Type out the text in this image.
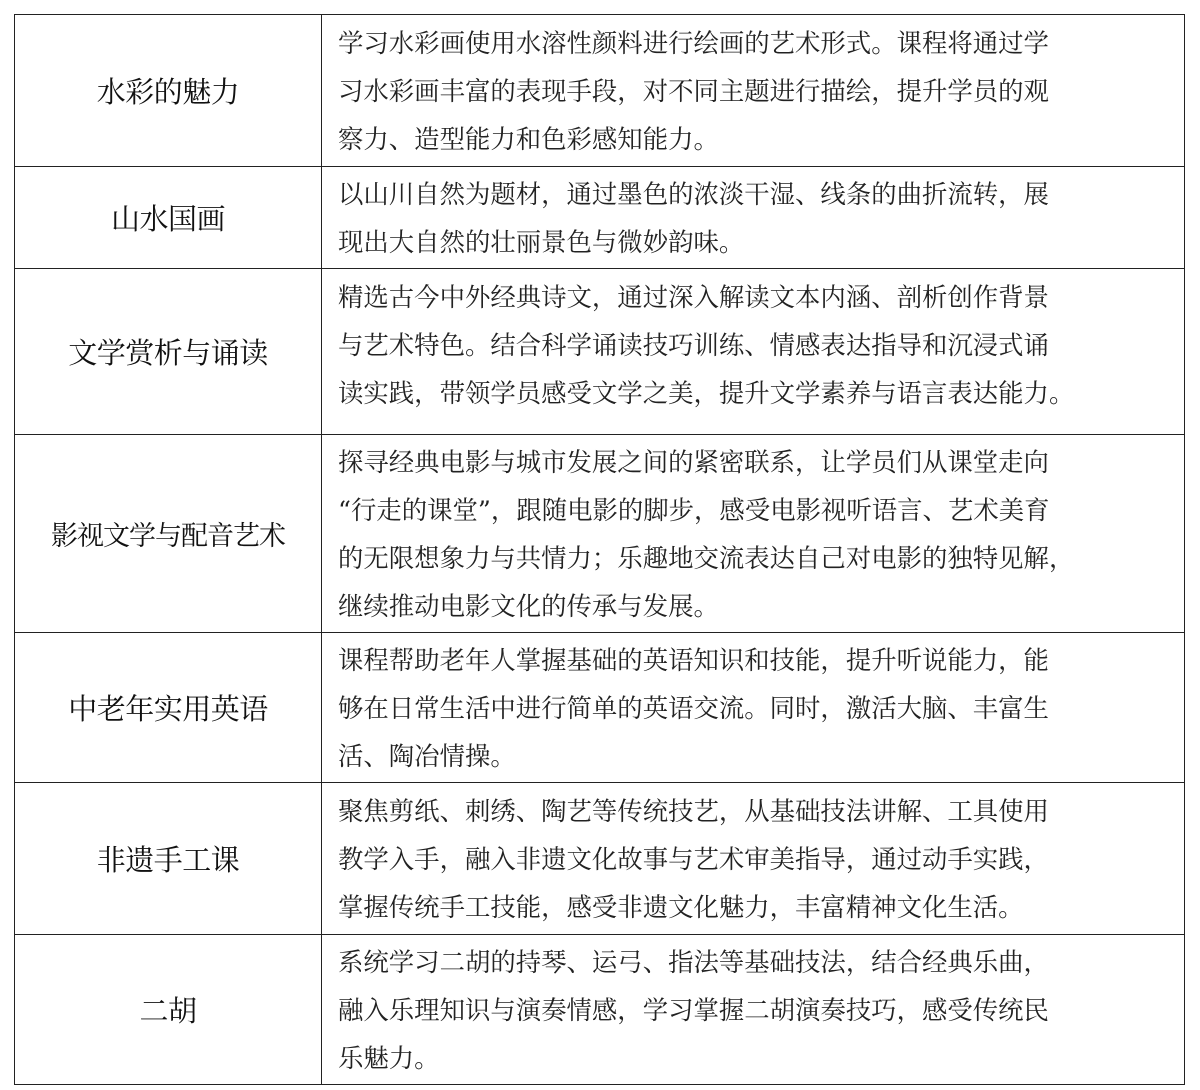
水彩的魅力	学习水彩画使用水溶性颜料进行绘画的艺术形式。课程将通过学
习水彩画丰富的表现手段，对不同主题进行描绘，提升学员的观
察力、造型能力和色彩感知能力。

山水国画	以山川自然为题材，通过墨色的浓淡干湿、线条的曲折流转，展
现出大自然的壮丽景色与微妙韵味。

文学赏析与诵读	精选古今中外经典诗文，通过深入解读文本内涵、剖析创作背景
与艺术特色。结合科学诵读技巧训练、情感表达指导和沉浸式诵
读实践，带领学员感受文学之美，提升文学素养与语言表达能力。

影视文学与配音艺术	探寻经典电影与城市发展之间的紧密联系，让学员们从课堂走向
“行走的课堂”，跟随电影的脚步，感受电影视听语言、艺术美育
的无限想象力与共情力；乐趣地交流表达自己对电影的独特见解，
继续推动电影文化的传承与发展。

中老年实用英语	课程帮助老年人掌握基础的英语知识和技能，提升听说能力，能
够在日常生活中进行简单的英语交流。同时，激活大脑、丰富生
活、陶冶情操。

非遗手工课	聚焦剪纸、刺绣、陶艺等传统技艺，从基础技法讲解、工具使用
教学入手，融入非遗文化故事与艺术审美指导，通过动手实践，
掌握传统手工技能，感受非遗文化魅力，丰富精神文化生活。

二胡	系统学习二胡的持琴、运弓、指法等基础技法，结合经典乐曲，
融入乐理知识与演奏情感，学习掌握二胡演奏技巧，感受传统民
乐魅力。
